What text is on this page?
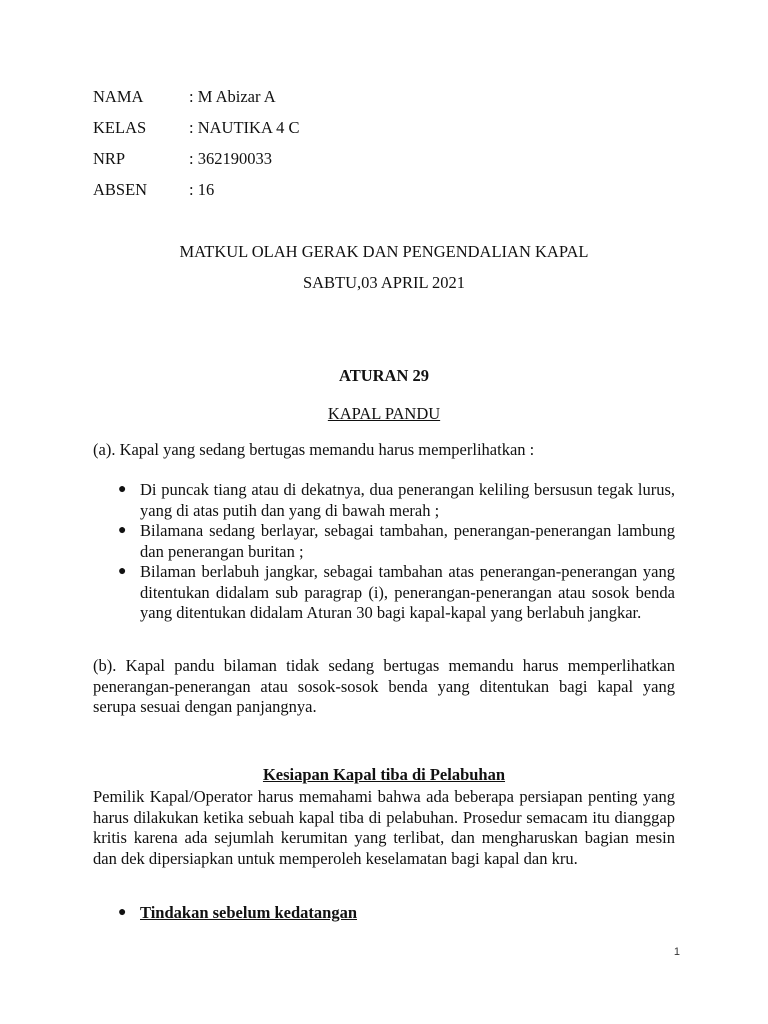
NAMA	: M Abizar A
KELAS	: NAUTIKA 4 C
NRP	: 362190033
ABSEN	: 16
MATKUL OLAH GERAK DAN PENGENDALIAN KAPAL
SABTU,03 APRIL 2021
ATURAN 29
KAPAL PANDU
(a). Kapal yang sedang bertugas memandu harus memperlihatkan :
● Di puncak tiang atau di dekatnya, dua penerangan keliling bersusun tegak lurus, yang di atas putih dan yang di bawah merah ;
● Bilamana sedang berlayar, sebagai tambahan, penerangan-penerangan lambung dan penerangan buritan ;
● Bilaman berlabuh jangkar, sebagai tambahan atas penerangan-penerangan yang ditentukan didalam sub paragrap (i), penerangan-penerangan atau sosok benda yang ditentukan didalam Aturan 30 bagi kapal-kapal yang berlabuh jangkar.
(b). Kapal pandu bilaman tidak sedang bertugas memandu harus memperlihatkan penerangan-penerangan atau sosok-sosok benda yang ditentukan bagi kapal yang serupa sesuai dengan panjangnya.
Kesiapan Kapal tiba di Pelabuhan
Pemilik Kapal/Operator harus memahami bahwa ada beberapa persiapan penting yang harus dilakukan ketika sebuah kapal tiba di pelabuhan. Prosedur semacam itu dianggap kritis karena ada sejumlah kerumitan yang terlibat, dan mengharuskan bagian mesin dan dek dipersiapkan untuk memperoleh keselamatan bagi kapal dan kru.
● Tindakan sebelum kedatangan
1
